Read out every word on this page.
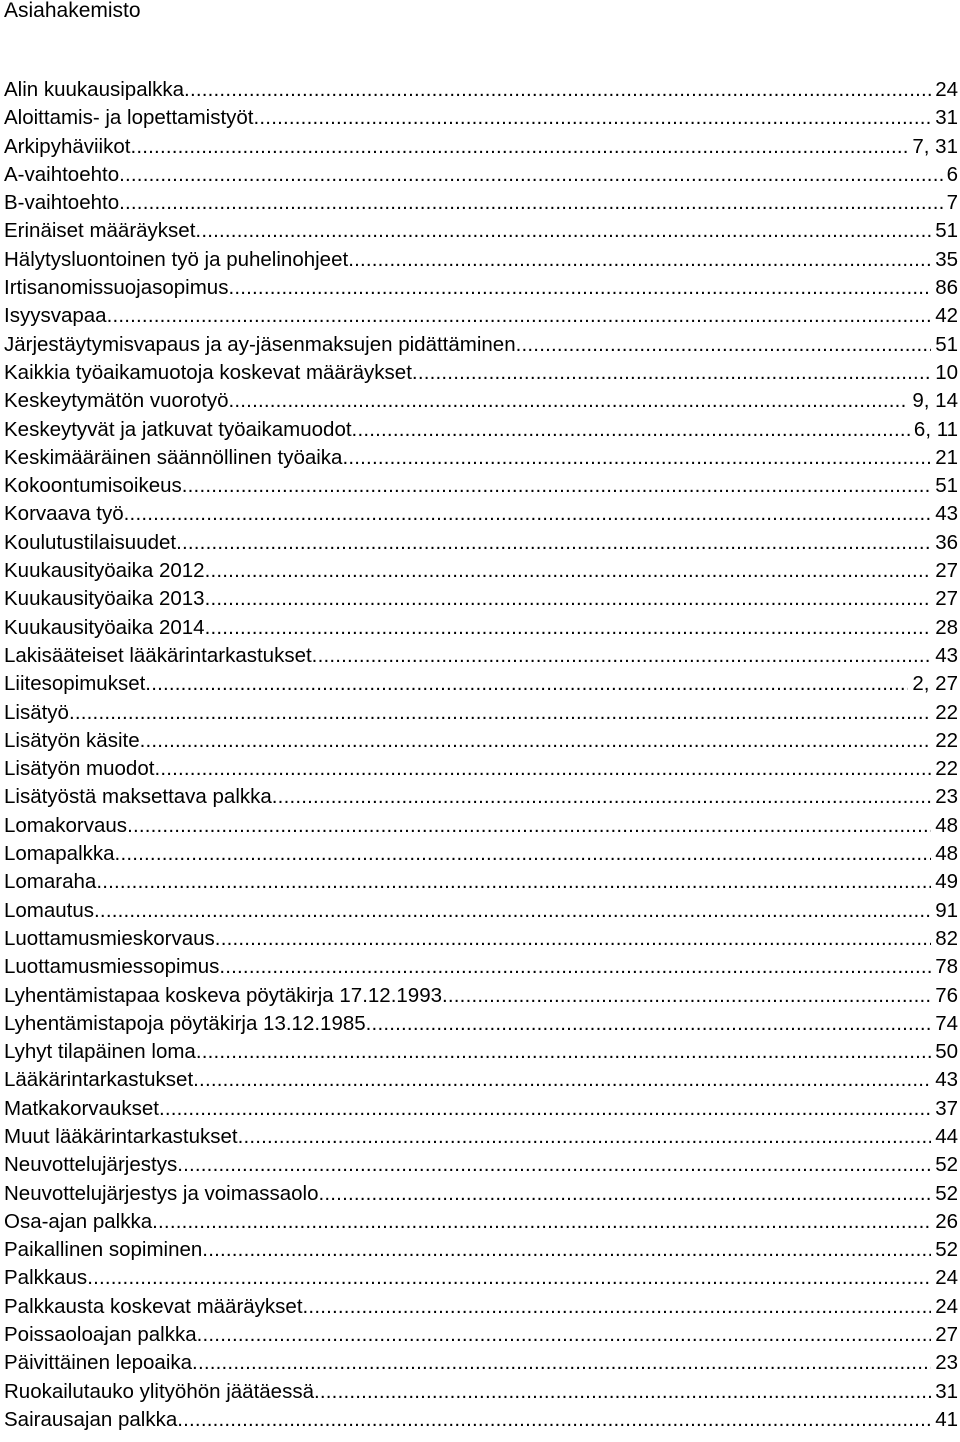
Asiahakemisto
Alin kuukausipalkka .....	24
Aloittamis- ja lopettamistyöt .....	31
Arkipyhäviikot .....	7, 31
A-vaihtoehto .....	6
B-vaihtoehto .....	7
Erinäiset määräykset .....	51
Hälytysluontoinen työ ja puhelinohjeet .....	35
Irtisanomissuojasopimus .....	86
Isyysvapaa .....	42
Järjestäytymisvapaus ja ay-jäsenmaksujen pidättäminen .....	51
Kaikkia työaikamuotoja koskevat määräykset .....	10
Keskeytymätön vuorotyö .....	9, 14
Keskeytyvät ja jatkuvat työaikamuodot .....	6, 11
Keskimääräinen säännöllinen työaika .....	21
Kokoontumisoikeus .....	51
Korvaava työ .....	43
Koulutustilaisuudet .....	36
Kuukausityöaika 2012 .....	27
Kuukausityöaika 2013 .....	27
Kuukausityöaika 2014 .....	28
Lakisääteiset lääkärintarkastukset .....	43
Liitesopimukset .....	2, 27
Lisätyö .....	22
Lisätyön käsite .....	22
Lisätyön muodot .....	22
Lisätyöstä maksettava palkka .....	23
Lomakorvaus .....	48
Lomapalkka .....	48
Lomaraha .....	49
Lomautus .....	91
Luottamusmieskorvaus .....	82
Luottamusmiessopimus .....	78
Lyhentämistapaa koskeva pöytäkirja 17.12.1993 .....	76
Lyhentämistapoja pöytäkirja 13.12.1985 .....	74
Lyhyt tilapäinen loma .....	50
Lääkärintarkastukset .....	43
Matkakorvaukset .....	37
Muut lääkärintarkastukset .....	44
Neuvottelujärjestys .....	52
Neuvottelujärjestys ja voimassaolo .....	52
Osa-ajan palkka .....	26
Paikallinen sopiminen .....	52
Palkkaus .....	24
Palkkausta koskevat määräykset .....	24
Poissaoloajan palkka .....	27
Päivittäinen lepoaika .....	23
Ruokailutauko ylityöhön jäätäessä .....	31
Sairausajan palkka .....	41
